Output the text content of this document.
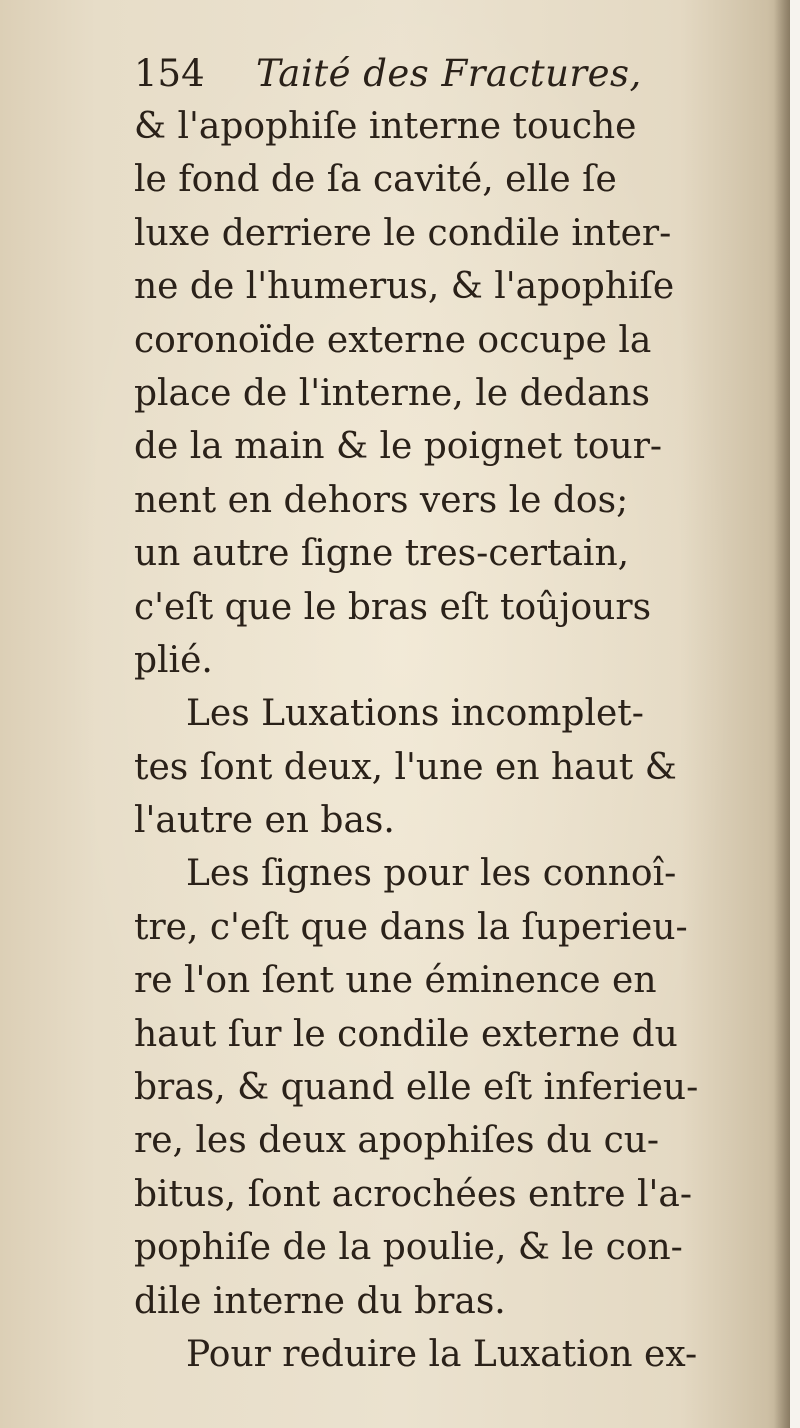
154 Taité des Fractures,
& l'apophiſe interne touche
le fond de ſa cavité, elle ſe
luxe derriere le condile inter-
ne de l'humerus, & l'apophiſe
coronoïde externe occupe la
place de l'interne, le dedans
de la main & le poignet tour-
nent en dehors vers le dos;
un autre ſigne tres-certain,
c'eſt que le bras eſt toûjours
plié.
Les Luxations incomplet-
tes ſont deux, l'une en haut &
l'autre en bas.
Les ſignes pour les connoî-
tre, c'eſt que dans la ſuperieu-
re l'on ſent une éminence en
haut ſur le condile externe du
bras, & quand elle eſt inferieu-
re, les deux apophiſes du cu-
bitus, ſont acrochées entre l'a-
pophiſe de la poulie, & le con-
dile interne du bras.
Pour reduire la Luxation ex-
